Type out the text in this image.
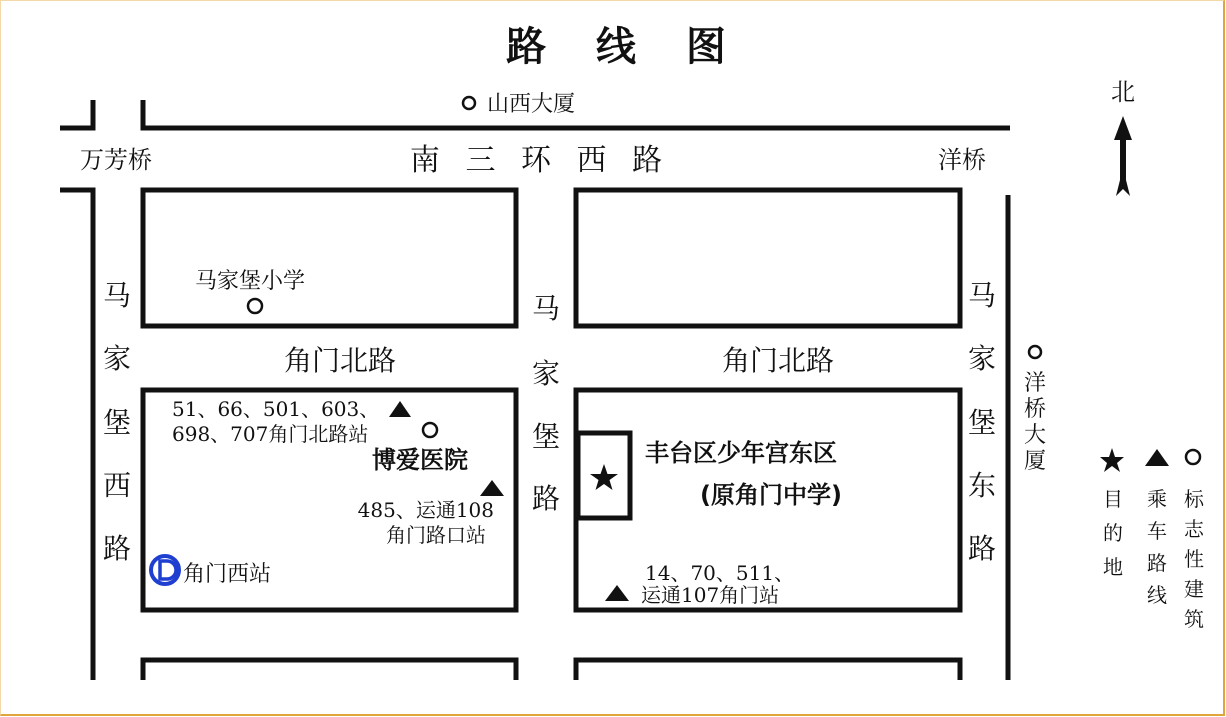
路 线 图
北
山西大厦
万芳桥	南 三 环 西 路	洋桥
马家堡小学
角门北路	角门北路
马
家
堡
西
路
马
家
堡
路
马
家
堡
东
路
洋
桥
大
厦
51、66、501、603、
698、707角门北路站
博爱医院
485、运通108
角门路口站
角门西站
丰台区少年宫东区
(原角门中学)
14、70、511、
运通107角门站
目
的
地
乘
车
路
线
标
志
性
建
筑
